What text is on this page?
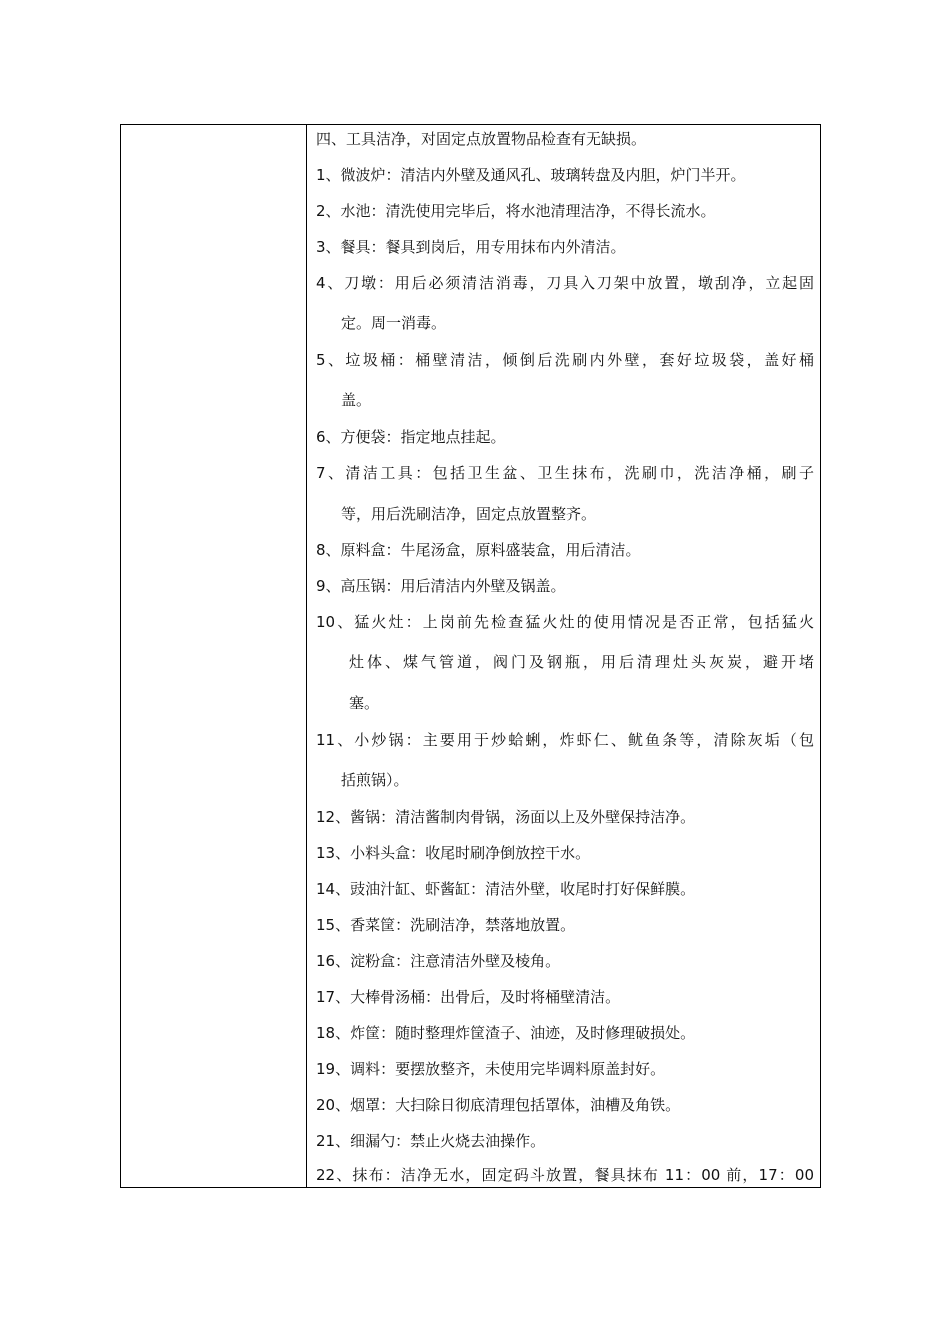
四、工具洁净，对固定点放置物品检查有无缺损。
1、微波炉：清洁内外壁及通风孔、玻璃转盘及内胆，炉门半开。
2、水池：清洗使用完毕后，将水池清理洁净，不得长流水。
3、餐具：餐具到岗后，用专用抹布内外清洁。
4、刀墩：用后必须清洁消毒，刀具入刀架中放置，墩刮净，立起固
定。周一消毒。
5、垃圾桶：桶壁清洁，倾倒后洗刷内外壁，套好垃圾袋，盖好桶
盖。
6、方便袋：指定地点挂起。
7、清洁工具：包括卫生盆、卫生抹布，洗刷巾，洗洁净桶，刷子
等，用后洗刷洁净，固定点放置整齐。
8、原料盒：牛尾汤盒，原料盛装盒，用后清洁。
9、高压锅：用后清洁内外壁及锅盖。
10、猛火灶：上岗前先检查猛火灶的使用情况是否正常，包括猛火
灶体、煤气管道，阀门及钢瓶，用后清理灶头灰炭，避开堵
塞。
11、小炒锅：主要用于炒蛤蜊，炸虾仁、鱿鱼条等，清除灰垢（包
括煎锅）。
12、酱锅：清洁酱制肉骨锅，汤面以上及外壁保持洁净。
13、小料头盒：收尾时刷净倒放控干水。
14、豉油汁缸、虾酱缸：清洁外壁，收尾时打好保鲜膜。
15、香菜筐：洗刷洁净，禁落地放置。
16、淀粉盒：注意清洁外壁及棱角。
17、大棒骨汤桶：出骨后，及时将桶壁清洁。
18、炸筐：随时整理炸筐渣子、油迹，及时修理破损处。
19、调料：要摆放整齐，未使用完毕调料原盖封好。
20、烟罩：大扫除日彻底清理包括罩体，油槽及角铁。
21、细漏勺：禁止火烧去油操作。
22、抹布：洁净无水，固定码斗放置，餐具抹布 11：00 前，17：00
